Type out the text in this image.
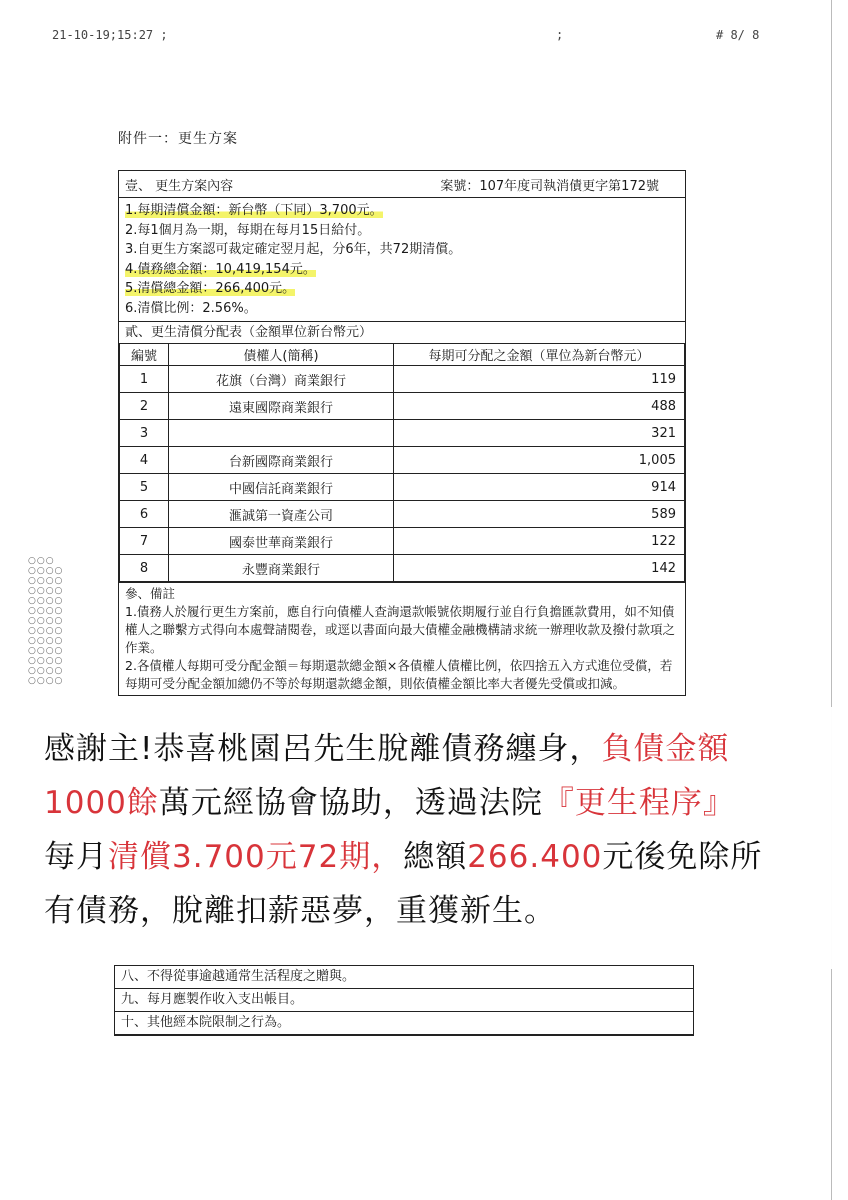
21-10-19;15:27 ;	;	# 8/ 8
附件一：更生方案
壹、 更生方案內容	案號：107年度司執消債更字第172號
1.每期清償金額：新台幣（下同）3,700元。
2.每1個月為一期，每期在每月15日給付。
3.自更生方案認可裁定確定翌月起，分6年，共72期清償。
4.債務總金額：10,419,154元。
5.清償總金額：266,400元。
6.清償比例：2.56%。
貳、更生清償分配表（金額單位新台幣元）
編號	債權人(簡稱)	每期可分配之金額（單位為新台幣元）
1	花旗（台灣）商業銀行	119
2	遠東國際商業銀行	488
3		321
4	台新國際商業銀行	1,005
5	中國信託商業銀行	914
6	滙誠第一資產公司	589
7	國泰世華商業銀行	122
8	永豐商業銀行	142

參、備註

1.債務人於履行更生方案前，應自行向債權人查詢還款帳號依期履行並自行負擔匯款費用，如不知債權人之聯繫方式得向本處聲請閱卷，或逕以書面向最大債權金融機構請求統一辦理收款及撥付款項之作業。

2.各債權人每期可受分配金額＝每期還款總金額×各債權人債權比例，依四捨五入方式進位受償，若每期可受分配金額加總仍不等於每期還款總金額，則依債權金額比率大者優先受償或扣減。

○○○
○○○○
○○○○
○○○○
○○○○
○○○○
○○○○
○○○○
○○○○
○○○○
○○○○
○○○○
○○○○
感謝主!恭喜桃園呂先生脫離債務纏身，負債金額1000餘萬元經協會協助，透過法院『更生程序』每月清償3.700元72期，總額266.400元後免除所有債務，脫離扣薪惡夢，重獲新生。
八、不得從事逾越通常生活程度之贈與。
九、每月應製作收入支出帳目。
十、其他經本院限制之行為。
